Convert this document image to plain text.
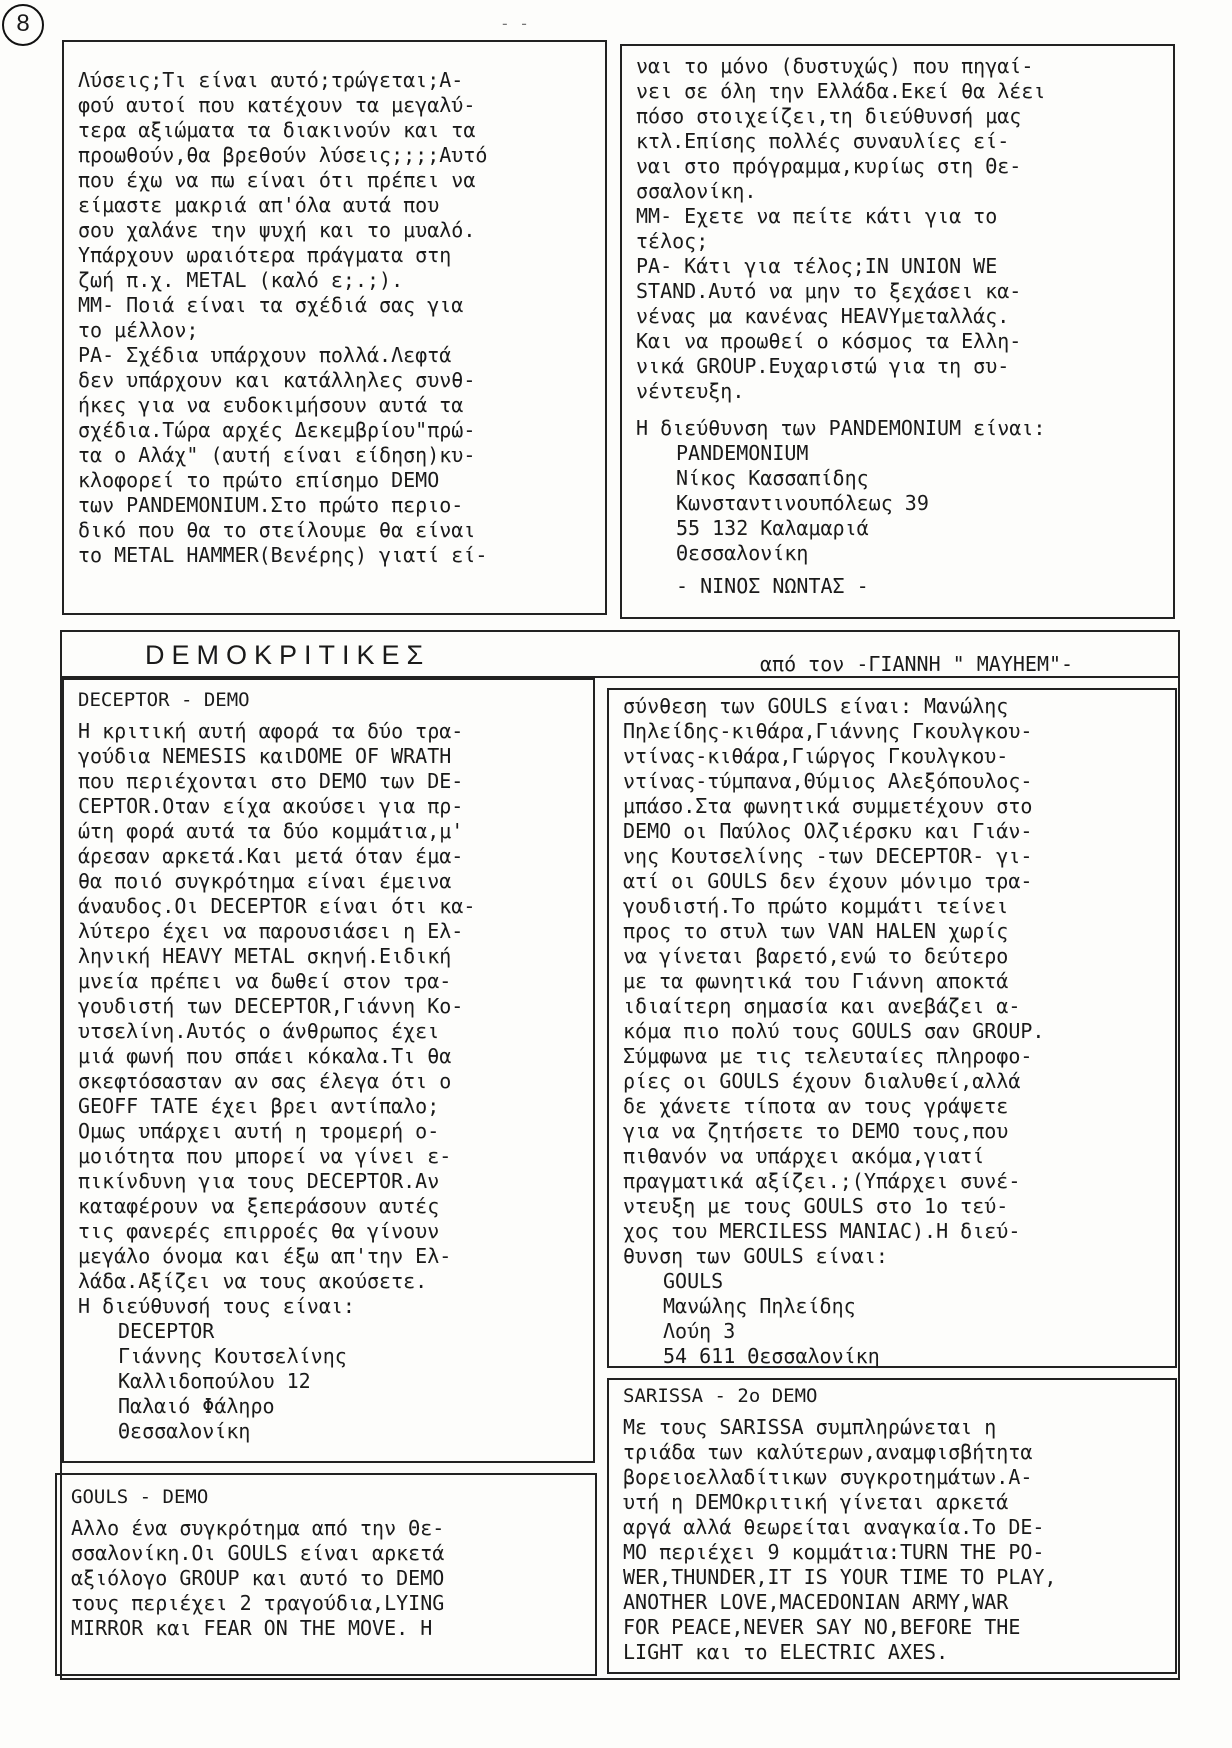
8	- -
Λύσεις;Τι είναι αυτό;τρώγεται;Α-
φού αυτοί που κατέχουν τα μεγαλύ-
τερα αξιώματα τα διακινούν και τα
προωθούν,θα βρεθούν λύσεις;;;;Αυτό
που έχω να πω είναι ότι πρέπει να
είμαστε μακριά απ'όλα αυτά που
σου χαλάνε την ψυχή και το μυαλό.
Υπάρχουν ωραιότερα πράγματα στη
ζωή π.χ. METAL (καλό ε;.;).
ΜΜ- Ποιά είναι τα σχέδιά σας για
το μέλλον;
ΡΑ- Σχέδια υπάρχουν πολλά.Λεφτά
δεν υπάρχουν και κατάλληλες συνθ-
ήκες για να ευδοκιμήσουν αυτά τα
σχέδια.Τώρα αρχές Δεκεμβρίου"πρώ-
τα ο Αλάχ" (αυτή είναι είδηση)κυ-
κλοφορεί το πρώτο επίσημο DEMO
των PANDEMONIUM.Στο πρώτο περιο-
δικό που θα το στείλουμε θα είναι
το METAL HAMMER(Βενέρης) γιατί εί-
ναι το μόνο (δυστυχώς) που πηγαί-
νει σε όλη την Ελλάδα.Εκεί θα λέει
πόσο στοιχείζει,τη διεύθυνσή μας
κτλ.Επίσης πολλές συναυλίες εί-
ναι στο πρόγραμμα,κυρίως στη Θε-
σσαλονίκη.
ΜΜ- Εχετε να πείτε κάτι για το
τέλος;
ΡΑ- Κάτι για τέλος;IN UNION WE
STAND.Αυτό να μην το ξεχάσει κα-
νένας μα κανένας HEAVYμεταλλάς.
Και να προωθεί ο κόσμος τα Ελλη-
νικά GROUP.Ευχαριστώ για τη συ-
νέντευξη.
Η διεύθυνση των PANDEMONIUM είναι:
PANDEMONIUM
Νίκος Κασσαπίδης
Κωνσταντινουπόλεως 39
55 132 Καλαμαριά
Θεσσαλονίκη
- ΝΙΝΟΣ ΝΩΝΤΑΣ -
DEMOKPITIKEΣ	από τον -ΓΙΑΝΝΗ " ΜΑΥΗΕΜ"-
DECEPTOR - DEMO
Η κριτική αυτή αφορά τα δύο τρα-
γούδια NEMESIS καιDOME OF WRATH
που περιέχονται στο DEMO των DE-
CEPTOR.Οταν είχα ακούσει για πρ-
ώτη φορά αυτά τα δύο κομμάτια,μ'
άρεσαν αρκετά.Και μετά όταν έμα-
θα ποιό συγκρότημα είναι έμεινα
άναυδος.Οι DECEPTOR είναι ότι κα-
λύτερο έχει να παρουσιάσει η Ελ-
ληνική HEAVY METAL σκηνή.Ειδική
μνεία πρέπει να δωθεί στον τρα-
γουδιστή των DECEPTOR,Γιάννη Κο-
υτσελίνη.Αυτός ο άνθρωπος έχει
μιά φωνή που σπάει κόκαλα.Τι θα
σκεφτόσασταν αν σας έλεγα ότι ο
GEOFF TATE έχει βρει αντίπαλο;
Ομως υπάρχει αυτή η τρομερή ο-
μοιότητα που μπορεί να γίνει ε-
πικίνδυνη για τους DECEPTOR.Αν
καταφέρουν να ξεπεράσουν αυτές
τις φανερές επιρροές θα γίνουν
μεγάλο όνομα και έξω απ'την Ελ-
λάδα.Αξίζει να τους ακούσετε.
Η διεύθυνσή τους είναι:
DECEPTOR
Γιάννης Κουτσελίνης
Καλλιδοπούλου 12
Παλαιό Φάληρο
Θεσσαλονίκη
GOULS - DEMO
Αλλο ένα συγκρότημα από την Θε-
σσαλονίκη.Οι GOULS είναι αρκετά
αξιόλογο GROUP και αυτό το DEMO
τους περιέχει 2 τραγούδια,LYING
MIRROR και FEAR ON THE MOVE. Η
σύνθεση των GOULS είναι: Μανώλης
Πηλείδης-κιθάρα,Γιάννης Γκουλγκου-
ντίνας-κιθάρα,Γιώργος Γκουλγκου-
ντίνας-τύμπανα,Θύμιος Αλεξόπουλος-
μπάσο.Στα φωνητικά συμμετέχουν στο
DEMO οι Παύλος Ολζιέρσκυ και Γιάν-
νης Κουτσελίνης -των DECEPTOR- γι-
ατί οι GOULS δεν έχουν μόνιμο τρα-
γουδιστή.Το πρώτο κομμάτι τείνει
προς το στυλ των VAN HALEN χωρίς
να γίνεται βαρετό,ενώ το δεύτερο
με τα φωνητικά του Γιάννη αποκτά
ιδιαίτερη σημασία και ανεβάζει α-
κόμα πιο πολύ τους GOULS σαν GROUP.
Σύμφωνα με τις τελευταίες πληροφο-
ρίες οι GOULS έχουν διαλυθεί,αλλά
δε χάνετε τίποτα αν τους γράψετε
για να ζητήσετε το DEMO τους,που
πιθανόν να υπάρχει ακόμα,γιατί
πραγματικά αξίζει.;(Υπάρχει συνέ-
ντευξη με τους GOULS στο 1ο τεύ-
χος του MERCILESS MANIAC).Η διεύ-
θυνση των GOULS είναι:
GOULS
Μανώλης Πηλείδης
Λούη 3
54 611 Θεσσαλονίκη
SARISSA - 2ο DEMO
Με τους SARISSA συμπληρώνεται η
τριάδα των καλύτερων,αναμφισβήτητα
βορειοελλαδίτικων συγκροτημάτων.Α-
υτή η DEMOκριτική γίνεται αρκετά
αργά αλλά θεωρείται αναγκαία.Το DE-
MO περιέχει 9 κομμάτια:TURN THE PO-
WER,THUNDER,IT IS YOUR TIME TO PLAY,
ANOTHER LOVE,MACEDONIAN ARMY,WAR
FOR PEACE,NEVER SAY NO,BEFORE THE
LIGHT και το ELECTRIC AXES.
